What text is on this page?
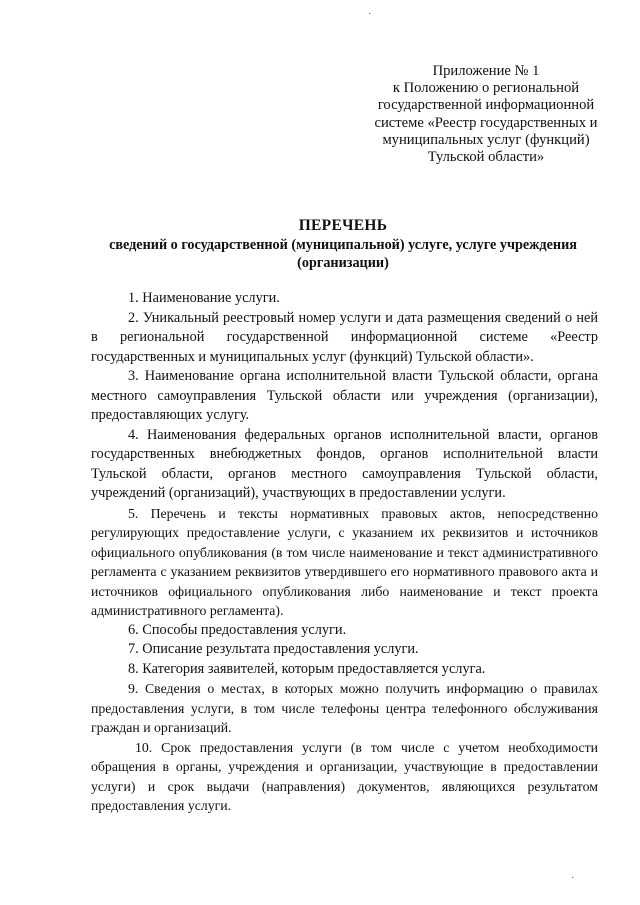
Приложение № 1
к Положению о региональной
государственной информационной
системе «Реестр государственных и
муниципальных услуг (функций)
Тульской области»
ПЕРЕЧЕНЬ
сведений о государственной (муниципальной) услуге, услуге учреждения (организации)

1. Наименование услуги.

2. Уникальный реестровый номер услуги и дата размещения сведений о ней в региональной государственной информационной системе «Реестр государственных и муниципальных услуг (функций) Тульской области».

3. Наименование органа исполнительной власти Тульской области, органа местного самоуправления Тульской области или учреждения (организации), предоставляющих услугу.

4. Наименования федеральных органов исполнительной власти, органов государственных внебюджетных фондов, органов исполнительной власти Тульской области, органов местного самоуправления Тульской области, учреждений (организаций), участвующих в предоставлении услуги.

5. Перечень и тексты нормативных правовых актов, непосредственно регулирующих предоставление услуги, с указанием их реквизитов и источников официального опубликования (в том числе наименование и текст административного регламента с указанием реквизитов утвердившего его нормативного правового акта и источников официального опубликования либо наименование и текст проекта административного регламента).

6. Способы предоставления услуги.

7. Описание результата предоставления услуги.

8. Категория заявителей, которым предоставляется услуга.

9. Сведения о местах, в которых можно получить информацию о правилах предоставления услуги, в том числе телефоны центра телефонного обслуживания граждан и организаций.

10. Срок предоставления услуги (в том числе с учетом необходимости обращения в органы, учреждения и организации, участвующие в предоставлении услуги) и срок выдачи (направления) документов, являющихся результатом предоставления услуги.

·
·
